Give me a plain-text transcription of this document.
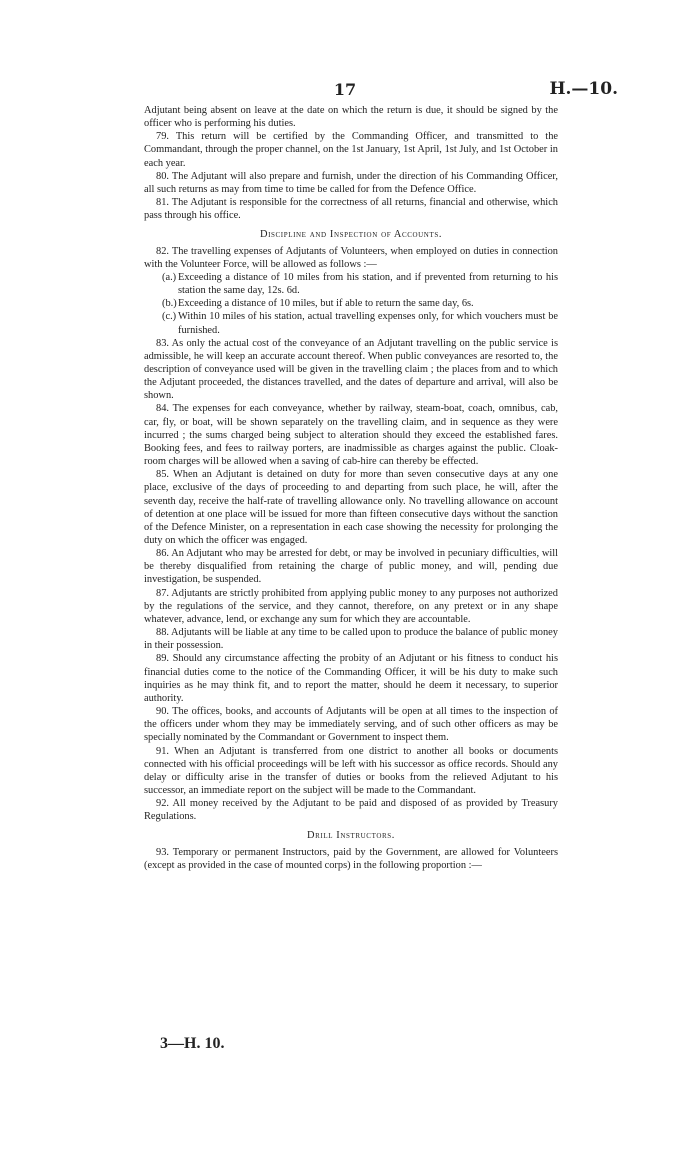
17	H.—10.

Adjutant being absent on leave at the date on which the return is due, it should be signed by the officer who is performing his duties.

79. This return will be certified by the Commanding Officer, and transmitted to the Commandant, through the proper channel, on the 1st January, 1st April, 1st July, and 1st October in each year.

80. The Adjutant will also prepare and furnish, under the direction of his Commanding Officer, all such returns as may from time to time be called for from the Defence Office.

81. The Adjutant is responsible for the correctness of all returns, financial and otherwise, which pass through his office.

Discipline and Inspection of Accounts.

82. The travelling expenses of Adjutants of Volunteers, when employed on duties in connection with the Volunteer Force, will be allowed as follows :—

(a.) Exceeding a distance of 10 miles from his station, and if prevented from returning to his station the same day, 12s. 6d.
(b.) Exceeding a distance of 10 miles, but if able to return the same day, 6s.
(c.) Within 10 miles of his station, actual travelling expenses only, for which vouchers must be furnished.

83. As only the actual cost of the conveyance of an Adjutant travelling on the public service is admissible, he will keep an accurate account thereof. When public conveyances are resorted to, the description of conveyance used will be given in the travelling claim ; the places from and to which the Adjutant proceeded, the distances travelled, and the dates of departure and arrival, will also be shown.

84. The expenses for each conveyance, whether by railway, steam-boat, coach, omnibus, cab, car, fly, or boat, will be shown separately on the travelling claim, and in sequence as they were incurred ; the sums charged being subject to alteration should they exceed the established fares. Booking fees, and fees to railway porters, are inadmissible as charges against the public. Cloak-room charges will be allowed when a saving of cab-hire can thereby be effected.

85. When an Adjutant is detained on duty for more than seven consecutive days at any one place, exclusive of the days of proceeding to and departing from such place, he will, after the seventh day, receive the half-rate of travelling allowance only. No travelling allowance on account of detention at one place will be issued for more than fifteen consecutive days without the sanction of the Defence Minister, on a representation in each case showing the necessity for prolonging the duty on which the officer was engaged.

86. An Adjutant who may be arrested for debt, or may be involved in pecuniary difficulties, will be thereby disqualified from retaining the charge of public money, and will, pending due investigation, be suspended.

87. Adjutants are strictly prohibited from applying public money to any purposes not authorized by the regulations of the service, and they cannot, therefore, on any pretext or in any shape whatever, advance, lend, or exchange any sum for which they are accountable.

88. Adjutants will be liable at any time to be called upon to produce the balance of public money in their possession.

89. Should any circumstance affecting the probity of an Adjutant or his fitness to conduct his financial duties come to the notice of the Commanding Officer, it will be his duty to make such inquiries as he may think fit, and to report the matter, should he deem it necessary, to superior authority.

90. The offices, books, and accounts of Adjutants will be open at all times to the inspection of the officers under whom they may be immediately serving, and of such other officers as may be specially nominated by the Commandant or Government to inspect them.

91. When an Adjutant is transferred from one district to another all books or documents connected with his official proceedings will be left with his successor as office records. Should any delay or difficulty arise in the transfer of duties or books from the relieved Adjutant to his successor, an immediate report on the subject will be made to the Commandant.

92. All money received by the Adjutant to be paid and disposed of as provided by Treasury Regulations.

Drill Instructors.

93. Temporary or permanent Instructors, paid by the Government, are allowed for Volunteers (except as provided in the case of mounted corps) in the following proportion :—

3—H. 10.
